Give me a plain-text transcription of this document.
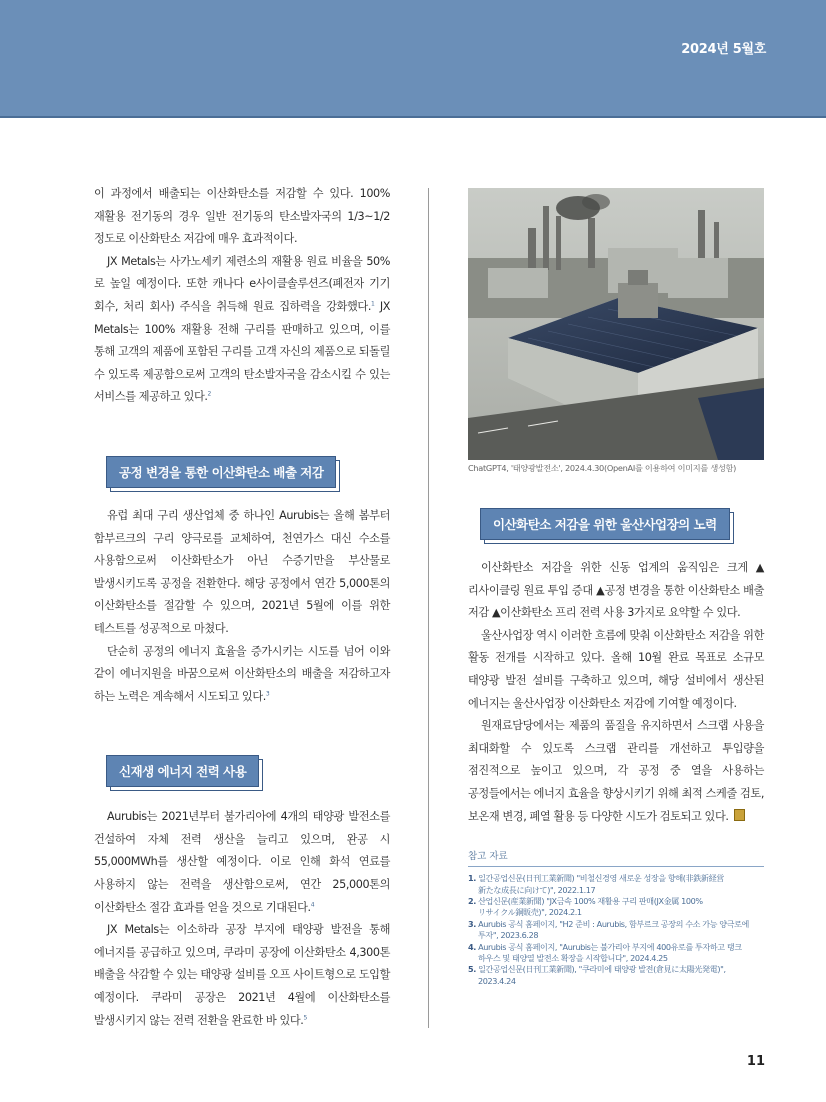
2024년 5월호

이 과정에서 배출되는 이산화탄소를 저감할 수 있다. 100% 재활용 전기동의 경우 일반 전기동의 탄소발자국의 1/3~1/2 정도로 이산화탄소 저감에 매우 효과적이다.

JX Metals는 사가노세키 제련소의 재활용 원료 비율을 50%로 높일 예정이다. 또한 캐나다 e사이클솔루션즈(폐전자 기기 회수, 처리 회사) 주식을 취득해 원료 집하력을 강화했다.$^1$ JX Metals는 100% 재활용 전해 구리를 판매하고 있으며, 이를 통해 고객의 제품에 포함된 구리를 고객 자신의 제품으로 되돌릴 수 있도록 제공함으로써 고객의 탄소발자국을 감소시킬 수 있는 서비스를 제공하고 있다.$^2$

공정 변경을 통한 이산화탄소 배출 저감

유럽 최대 구리 생산업체 중 하나인 Aurubis는 올해 봄부터 함부르크의 구리 양극로를 교체하여, 천연가스 대신 수소를 사용함으로써 이산화탄소가 아닌 수증기만을 부산물로 발생시키도록 공정을 전환한다. 해당 공정에서 연간 5,000톤의 이산화탄소를 절감할 수 있으며, 2021년 5월에 이를 위한 테스트를 성공적으로 마쳤다.

단순히 공정의 에너지 효율을 증가시키는 시도를 넘어 이와 같이 에너지원을 바꿈으로써 이산화탄소의 배출을 저감하고자 하는 노력은 계속해서 시도되고 있다.$^3$

신재생 에너지 전력 사용

Aurubis는 2021년부터 불가리아에 4개의 태양광 발전소를 건설하여 자체 전력 생산을 늘리고 있으며, 완공 시 55,000MWh를 생산할 예정이다. 이로 인해 화석 연료를 사용하지 않는 전력을 생산함으로써, 연간 25,000톤의 이산화탄소 절감 효과를 얻을 것으로 기대된다.$^4$

JX Metals는 이소하라 공장 부지에 태양광 발전을 통해 에너지를 공급하고 있으며, 쿠라미 공장에 이산화탄소 4,300톤 배출을 삭감할 수 있는 태양광 설비를 오프 사이트형으로 도입할 예정이다. 쿠라미 공장은 2021년 4월에 이산화탄소를 발생시키지 않는 전력 전환을 완료한 바 있다.$^5$

ChatGPT4, '태양광발전소', 2024.4.30(OpenAI를 이용하여 이미지를 생성함)
이산화탄소 저감을 위한 울산사업장의 노력

이산화탄소 저감을 위한 신동 업계의 움직임은 크게 ▲리사이클링 원료 투입 증대 ▲공정 변경을 통한 이산화탄소 배출 저감 ▲이산화탄소 프리 전력 사용 3가지로 요약할 수 있다.

울산사업장 역시 이러한 흐름에 맞춰 이산화탄소 저감을 위한 활동 전개를 시작하고 있다. 올해 10월 완료 목표로 소규모 태양광 발전 설비를 구축하고 있으며, 해당 설비에서 생산된 에너지는 울산사업장 이산화탄소 저감에 기여할 예정이다.

원재료담당에서는 제품의 품질을 유지하면서 스크랩 사용을 최대화할 수 있도록 스크랩 관리를 개선하고 투입량을 점진적으로 높이고 있으며, 각 공정 중 열을 사용하는 공정들에서는 에너지 효율을 향상시키기 위해 최적 스케줄 검토, 보온재 변경, 폐열 활용 등 다양한 시도가 검토되고 있다.

참고 자료
1. 일간공업신문(日刊工業新聞) "비철신경영 새로운 성장을 향해(非鉄新経営 新たな成長に向けて)", 2022.1.17
2. 산업신문(産業新聞) "JX금속 100% 재활용 구리 판매(JX金属 100%リサイクル銅販売)", 2024.2.1
3. Aurubis 공식 홈페이지, "H2 준비 : Aurubis, 함부르크 공장의 수소 가능 양극로에 투자", 2023.6.28
4. Aurubis 공식 홈페이지, "Aurubis는 불가리아 부지에 400유로를 투자하고 탱크 하우스 및 태양열 발전소 확장을 시작합니다", 2024.4.25
5. 일간공업신문(日刊工業新聞), "쿠라미에 태양광 발전(倉見に太陽光発電)", 2023.4.24
11
